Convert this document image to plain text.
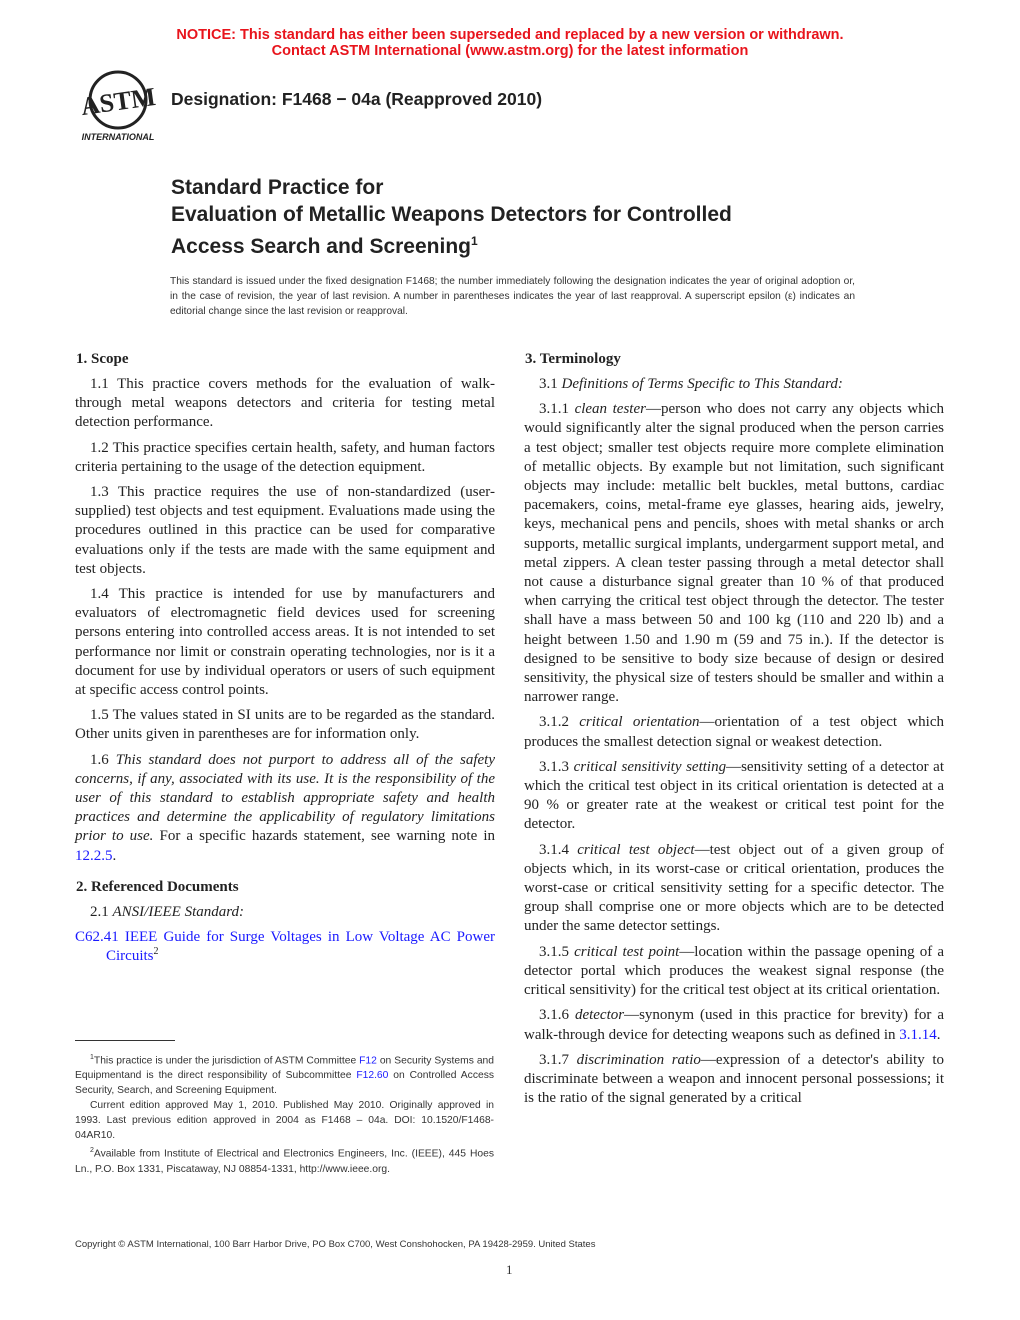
NOTICE: This standard has either been superseded and replaced by a new version or withdrawn.
Contact ASTM International (www.astm.org) for the latest information
ASTM
INTERNATIONAL
Designation: F1468 − 04a (Reapproved 2010)
Standard Practice for
Evaluation of Metallic Weapons Detectors for Controlled
Access Search and Screening$^1$
This standard is issued under the fixed designation F1468; the number immediately following the designation indicates the year of original adoption or, in the case of revision, the year of last revision. A number in parentheses indicates the year of last reapproval. A superscript epsilon (ε) indicates an editorial change since the last revision or reapproval.
1. Scope

1.1 This practice covers methods for the evaluation of walk-through metal weapons detectors and criteria for testing metal detection performance.

1.2 This practice specifies certain health, safety, and human factors criteria pertaining to the usage of the detection equipment.

1.3 This practice requires the use of non-standardized (user-supplied) test objects and test equipment. Evaluations made using the procedures outlined in this practice can be used for comparative evaluations only if the tests are made with the same equipment and test objects.

1.4 This practice is intended for use by manufacturers and evaluators of electromagnetic field devices used for screening persons entering into controlled access areas. It is not intended to set performance nor limit or constrain operating technologies, nor is it a document for use by individual operators or users of such equipment at specific access control points.

1.5 The values stated in SI units are to be regarded as the standard. Other units given in parentheses are for information only.

1.6 This standard does not purport to address all of the safety concerns, if any, associated with its use. It is the responsibility of the user of this standard to establish appropriate safety and health practices and determine the applicability of regulatory limitations prior to use. For a specific hazards statement, see warning note in 12.2.5.

2. Referenced Documents

2.1 ANSI/IEEE Standard:

C62.41 IEEE Guide for Surge Voltages in Low Voltage AC Power Circuits$^2$

3. Terminology

3.1 Definitions of Terms Specific to This Standard:

3.1.1 clean tester—person who does not carry any objects which would significantly alter the signal produced when the person carries a test object; smaller test objects require more complete elimination of metallic objects. By example but not limitation, such significant objects may include: metallic belt buckles, metal buttons, cardiac pacemakers, coins, metal-frame eye glasses, hearing aids, jewelry, keys, mechanical pens and pencils, shoes with metal shanks or arch supports, metallic surgical implants, undergarment support metal, and metal zippers. A clean tester passing through a metal detector shall not cause a disturbance signal greater than 10 % of that produced when carrying the critical test object through the detector. The tester shall have a mass between 50 and 100 kg (110 and 220 lb) and a height between 1.50 and 1.90 m (59 and 75 in.). If the detector is designed to be sensitive to body size because of design or desired sensitivity, the physical size of testers should be smaller and within a narrower range.

3.1.2 critical orientation—orientation of a test object which produces the smallest detection signal or weakest detection.

3.1.3 critical sensitivity setting—sensitivity setting of a detector at which the critical test object in its critical orientation is detected at a 90 % or greater rate at the weakest or critical test point for the detector.

3.1.4 critical test object—test object out of a given group of objects which, in its worst-case or critical orientation, produces the worst-case or critical sensitivity setting for a specific detector. The group shall comprise one or more objects which are to be detected under the same detector settings.

3.1.5 critical test point—location within the passage opening of a detector portal which produces the weakest signal response (the critical sensitivity) for the critical test object at its critical orientation.

3.1.6 detector—synonym (used in this practice for brevity) for a walk-through device for detecting weapons such as defined in 3.1.14.

3.1.7 discrimination ratio—expression of a detector's ability to discriminate between a weapon and innocent personal possessions; it is the ratio of the signal generated by a critical

$^1$This practice is under the jurisdiction of ASTM Committee F12 on Security Systems and Equipmentand is the direct responsibility of Subcommittee F12.60 on Controlled Access Security, Search, and Screening Equipment.

Current edition approved May 1, 2010. Published May 2010. Originally approved in 1993. Last previous edition approved in 2004 as F1468 – 04a. DOI: 10.1520/F1468-04AR10.

$^2$Available from Institute of Electrical and Electronics Engineers, Inc. (IEEE), 445 Hoes Ln., P.O. Box 1331, Piscataway, NJ 08854-1331, http://www.ieee.org.

Copyright © ASTM International, 100 Barr Harbor Drive, PO Box C700, West Conshohocken, PA 19428-2959. United States
1
